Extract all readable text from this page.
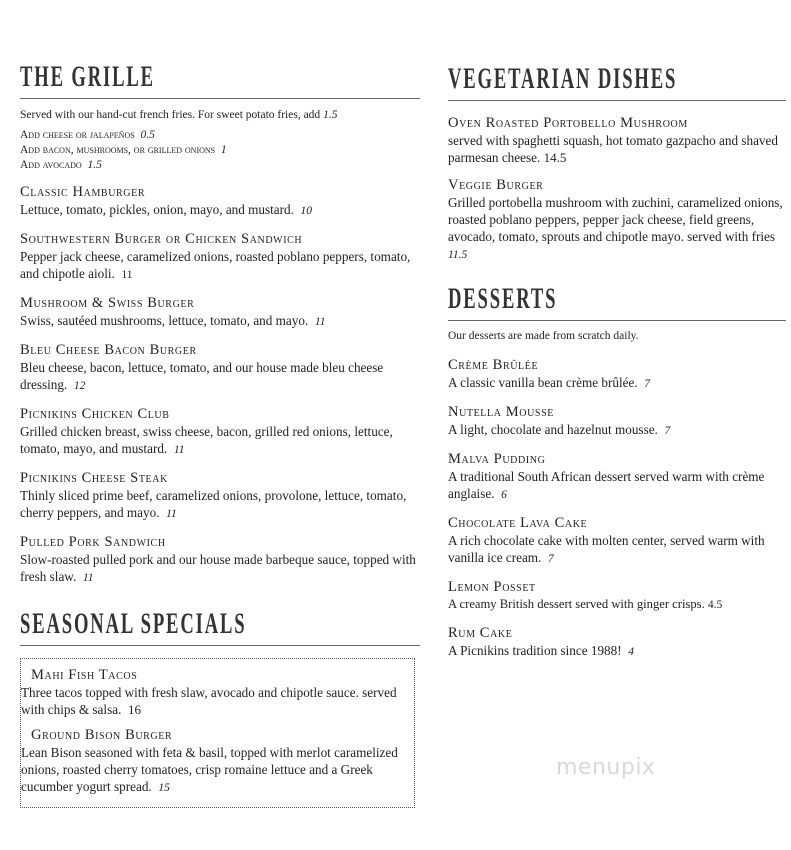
THE GRILLE
Served with our hand-cut french fries. For sweet potato fries, add 1.5
Add cheese or jalapeños 0.5
Add bacon, mushrooms, or grilled onions 1
Add avocado 1.5
Classic Hamburger
Lettuce, tomato, pickles, onion, mayo, and mustard. 10
Southwestern Burger or Chicken Sandwich
Pepper jack cheese, caramelized onions, roasted poblano peppers, tomato, and chipotle aioli. 11
Mushroom & Swiss Burger
Swiss, sautéed mushrooms, lettuce, tomato, and mayo. 11
Bleu Cheese Bacon Burger
Bleu cheese, bacon, lettuce, tomato, and our house made bleu cheese dressing. 12
Picnikins Chicken Club
Grilled chicken breast, swiss cheese, bacon, grilled red onions, lettuce, tomato, mayo, and mustard. 11
Picnikins Cheese Steak
Thinly sliced prime beef, caramelized onions, provolone, lettuce, tomato, cherry peppers, and mayo. 11
Pulled Pork Sandwich
Slow-roasted pulled pork and our house made barbeque sauce, topped with fresh slaw. 11
SEASONAL SPECIALS
Mahi Fish Tacos
Three tacos topped with fresh slaw, avocado and chipotle sauce. served with chips & salsa. 16
Ground Bison Burger
Lean Bison seasoned with feta & basil, topped with merlot caramelized onions, roasted cherry tomatoes, crisp romaine lettuce and a Greek cucumber yogurt spread. 15
VEGETARIAN DISHES
Oven Roasted Portobello Mushroom
served with spaghetti squash, hot tomato gazpacho and shaved parmesan cheese. 14.5
Veggie Burger
Grilled portobella mushroom with zuchini, caramelized onions, roasted poblano peppers, pepper jack cheese, field greens, avocado, tomato, sprouts and chipotle mayo. served with fries 11.5
DESSERTS
Our desserts are made from scratch daily.
Crème Brûlée
A classic vanilla bean crème brûlée. 7
Nutella Mousse
A light, chocolate and hazelnut mousse. 7
Malva Pudding
A traditional South African dessert served warm with crème anglaise. 6
Chocolate Lava Cake
A rich chocolate cake with molten center, served warm with vanilla ice cream. 7
Lemon Posset
A creamy British dessert served with ginger crisps. 4.5
Rum Cake
A Picnikins tradition since 1988! 4
menupix
